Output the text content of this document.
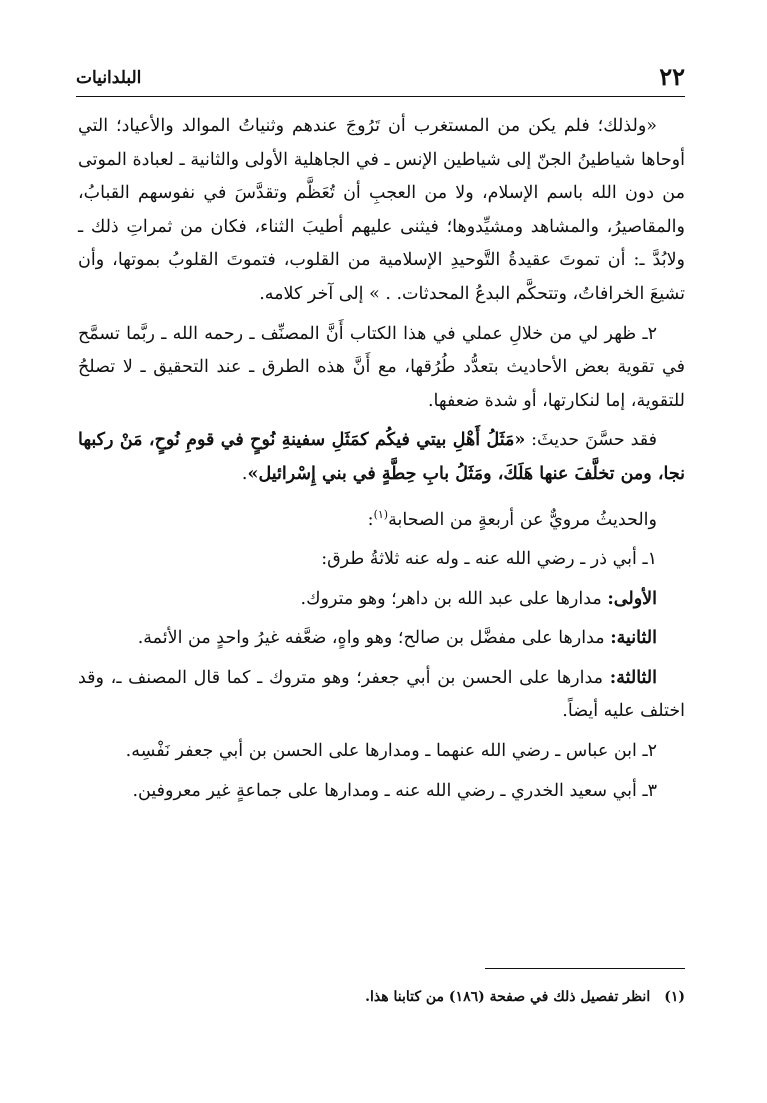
٢٢
البلدانيات

«ولذلك؛ فلم يكن من المستغرب أن تَرُوجَ عندهم وثنياتُ الموالد والأعياد؛ التي أوحاها شياطينُ الجنّ إلى شياطين الإنس ـ في الجاهلية الأولى والثانية ـ لعبادة الموتى من دون الله باسم الإسلام، ولا من العجبِ أن تُعَظَّم وتقدَّسَ في نفوسهم القبابُ، والمقاصيرُ، والمشاهد ومشيِّدوها؛ فيثنى عليهم أطيبَ الثناء، فكان من ثمراتِ ذلك ـ ولابُدَّ ـ: أن تموتَ عقيدةُ التَّوحيدِ الإسلامية من القلوب، فتموتَ القلوبُ بموتها، وأن تشيعَ الخرافاتُ، وتتحكَّم البدعُ المحدثات. . » إلى آخر كلامه.

٢ـ ظهر لي من خلالِ عملي في هذا الكتاب أَنَّ المصنِّف ـ رحمه الله ـ ربَّما تسمَّح في تقوية بعض الأحاديث بتعدُّد طُرُقها، مع أَنَّ هذه الطرق ـ عند التحقيق ـ لا تصلحُ للتقوية، إما لنكارتها، أو شدة ضعفها.

فقد حسَّنَ حديثَ: «مَثَلُ أَهْلِ بيتي فيكُم كمَثَلِ سفينةِ نُوحٍ في قومِ نُوحٍ، مَنْ ركبها نجا، ومن تخلَّفَ عنها هَلَكَ، ومَثَلُ بابِ حِطَّةٍ في بني إِسْرائيل».

والحديثُ مرويٌّ عن أربعةٍ من الصحابة$^{(١)}$:

١ـ أبي ذر ـ رضي الله عنه ـ وله عنه ثلاثةُ طرق:

الأولى: مدارها على عبد الله بن داهر؛ وهو متروك.

الثانية: مدارها على مفضَّل بن صالح؛ وهو واهٍ، ضعَّفه غيرُ واحدٍ من الأئمة.

الثالثة: مدارها على الحسن بن أبي جعفر؛ وهو متروك ـ كما قال المصنف ـ، وقد اختلف عليه أيضاً.

٢ـ ابن عباس ـ رضي الله عنهما ـ ومدارها على الحسن بن أبي جعفر نَفْسِه.

٣ـ أبي سعيد الخدري ـ رضي الله عنه ـ ومدارها على جماعةٍ غير معروفين.

(١)انظر تفصيل ذلك في صفحة (١٨٦) من كتابنا هذا.
